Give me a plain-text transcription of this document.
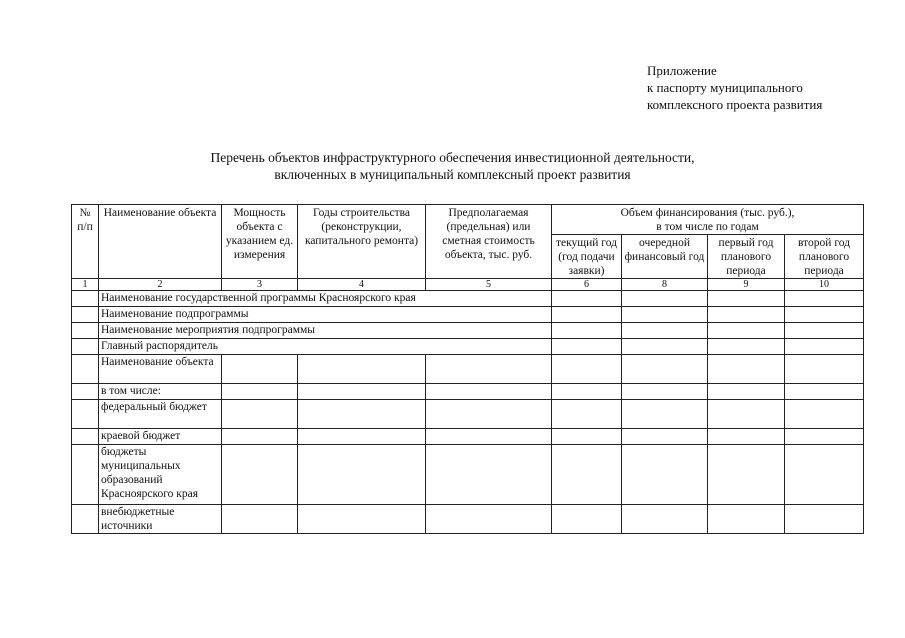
Приложение
к паспорту муниципального
комплексного проекта развития
Перечень объектов инфраструктурного обеспечения инвестиционной деятельности,
включенных в муниципальный комплексный проект развития
№ п/п	Наименование объекта	Мощность объекта с указанием ед. измерения	Годы строительства (реконструкции, капитального ремонта)	Предполагаемая (предельная) или сметная стоимость объекта, тыс. руб.	Объем финансирования (тыс. руб.),
в том числе по годам			

					текущий год (год подачи заявки)	очередной финансовый год	первый год планового периода	второй год планового периода
1	2	3	4	5	6	8	9	10
	Наименование государственной программы Красноярского края							
	Наименование подпрограммы							
	Наименование мероприятия подпрограммы							
	Главный распорядитель							
	Наименование объекта							
	в том числе:							
	федеральный бюджет							
	краевой бюджет							
	бюджеты муниципальных образований Красноярского края							
	внебюджетные источники							
